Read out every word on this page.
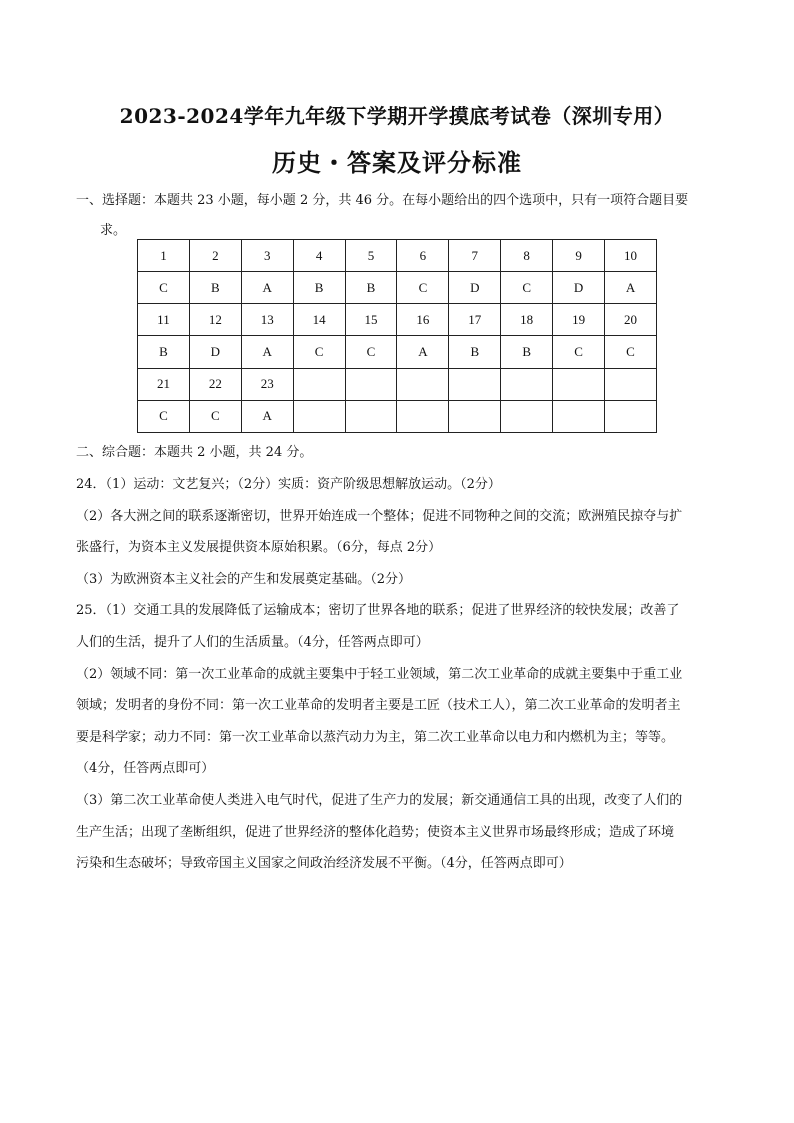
2023-2024学年九年级下学期开学摸底考试卷（深圳专用）
历史・答案及评分标准
一、选择题：本题共 23 小题，每小题 2 分，共 46 分。在每小题给出的四个选项中，只有一项符合题目要
求。
1	2	3	4	5	6	7	8	9	10
C	B	A	B	B	C	D	C	D	A
11	12	13	14	15	16	17	18	19	20
B	D	A	C	C	A	B	B	C	C
21	22	23							
C	C	A							
二、综合题：本题共 2 小题，共 24 分。

24．（1）运动：文艺复兴；（2分）实质：资产阶级思想解放运动。（2分）

（2）各大洲之间的联系逐渐密切，世界开始连成一个整体；促进不同物种之间的交流；欧洲殖民掠夺与扩

张盛行，为资本主义发展提供资本原始积累。（6分，每点 2分）

（3）为欧洲资本主义社会的产生和发展奠定基础。（2分）

25．（1）交通工具的发展降低了运输成本；密切了世界各地的联系；促进了世界经济的较快发展；改善了

人们的生活，提升了人们的生活质量。（4分，任答两点即可）

（2）领域不同：第一次工业革命的成就主要集中于轻工业领域，第二次工业革命的成就主要集中于重工业

领域；发明者的身份不同：第一次工业革命的发明者主要是工匠（技术工人），第二次工业革命的发明者主

要是科学家；动力不同：第一次工业革命以蒸汽动力为主，第二次工业革命以电力和内燃机为主；等等。

（4分，任答两点即可）

（3）第二次工业革命使人类进入电气时代，促进了生产力的发展；新交通通信工具的出现，改变了人们的

生产生活；出现了垄断组织，促进了世界经济的整体化趋势；使资本主义世界市场最终形成；造成了环境

污染和生态破坏；导致帝国主义国家之间政治经济发展不平衡。（4分，任答两点即可）
